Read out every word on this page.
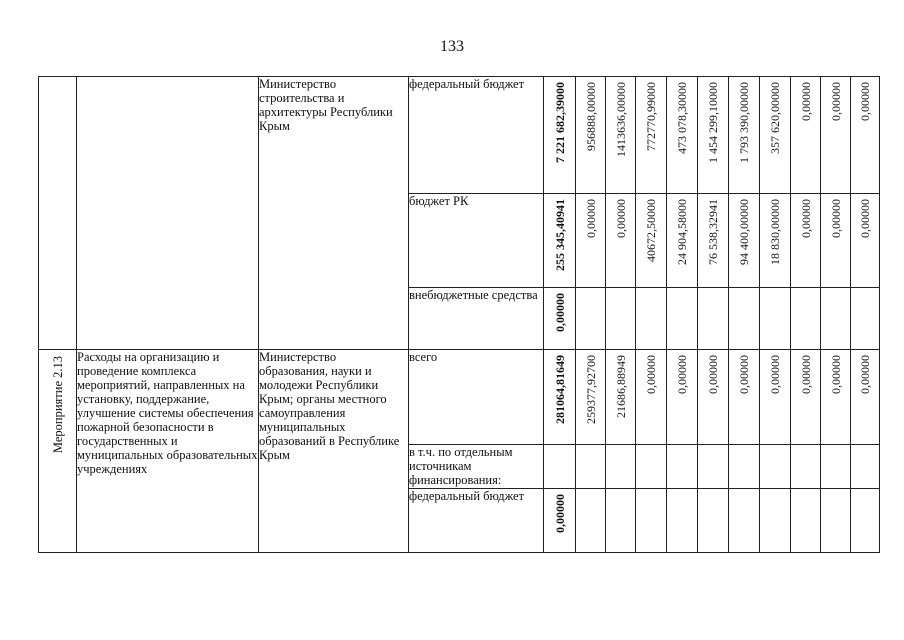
133
		Министерство строительства и архитектуры Республики Крым	федеральный бюджет	7 221 682,39000	956888,00000	1413636,00000	772770,99000	473 078,30000	1 454 299,10000	1 793 390,00000	357 620,00000	0,00000	0,00000	0,00000

			бюджет РК	255 345,40941	0,00000	0,00000	40672,50000	24 904,58000	76 538,32941	94 400,00000	18 830,00000	0,00000	0,00000	0,00000

			внебюджетные средства	0,00000										

Мероприятие 2.13	Расходы на организацию и проведение комплекса мероприятий, направленных на установку, поддержание, улучшение системы обеспечения пожарной безопасности в государственных и муниципальных образовательных учреждениях	Министерство образования, науки и молодежи Республики Крым; органы местного самоуправления муниципальных образований в Республике Крым	всего	281064,81649	259377,92700	21686,88949	0,00000	0,00000	0,00000	0,00000	0,00000	0,00000	0,00000	0,00000

			в т.ч. по отдельным источникам финансирования:											
			федеральный бюджет	0,00000										
